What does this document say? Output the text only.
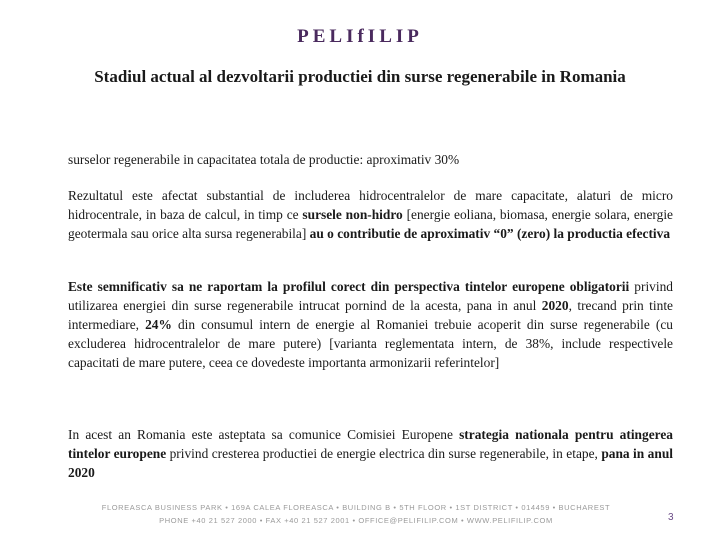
PELIfILIP
Stadiul actual al dezvoltarii productiei din surse regenerabile in Romania
surselor regenerabile in capacitatea totala de productie: aproximativ 30%
Rezultatul este afectat substantial de includerea hidrocentralelor de mare capacitate, alaturi de micro hidrocentrale, in baza de calcul, in timp ce sursele non-hidro [energie eoliana, biomasa, energie solara, energie geotermala sau orice alta sursa regenerabila] au o contributie de aproximativ “0” (zero) la productia efectiva
Este semnificativ sa ne raportam la profilul corect din perspectiva tintelor europene obligatorii privind utilizarea energiei din surse regenerabile intrucat pornind de la acesta, pana in anul 2020, trecand prin tinte intermediare, 24% din consumul intern de energie al Romaniei trebuie acoperit din surse regenerabile (cu excluderea hidrocentralelor de mare putere) [varianta reglementata intern, de 38%, include respectivele capacitati de mare putere, ceea ce dovedeste importanta armonizarii referintelor]
In acest an Romania este asteptata sa comunice Comisiei Europene strategia nationala pentru atingerea tintelor europene privind cresterea productiei de energie electrica din surse regenerabile, in etape, pana in anul 2020
FLOREASCA BUSINESS PARK • 169A CALEA FLOREASCA • BUILDING B • 5TH FLOOR • 1ST DISTRICT • 014459 • BUCHAREST
PHONE +40 21 527 2000 • FAX +40 21 527 2001 • OFFICE@PELIFILIP.COM • WWW.PELIFILIP.COM	3
